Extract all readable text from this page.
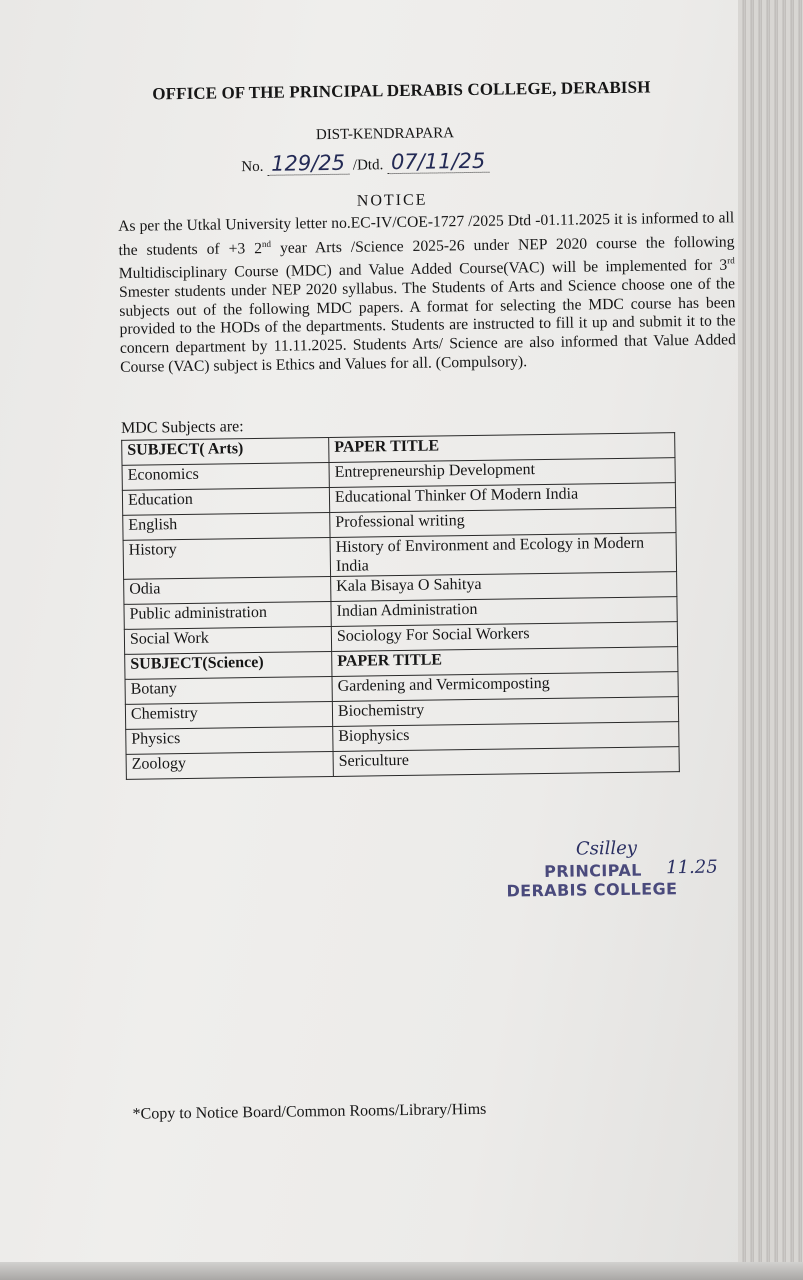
OFFICE OF THE PRINCIPAL DERABIS COLLEGE, DERABISH
DIST-KENDRAPARA
No. 129/25 /Dtd. 07/11/25
NOTICE
As per the Utkal University letter no.EC-IV/COE-1727 /2025 Dtd -01.11.2025 it is informed to all the students of +3 2nd year Arts /Science 2025-26 under NEP 2020 course the following Multidisciplinary Course (MDC) and Value Added Course(VAC) will be implemented for 3rd Smester students under NEP 2020 syllabus. The Students of Arts and Science choose one of the subjects out of the following MDC papers. A format for selecting the MDC course has been provided to the HODs of the departments. Students are instructed to fill it up and submit it to the concern department by 11.11.2025. Students Arts/ Science are also informed that Value Added Course (VAC) subject is Ethics and Values for all. (Compulsory).
MDC Subjects are:
SUBJECT( Arts)	PAPER TITLE
Economics	Entrepreneurship Development
Education	Educational Thinker Of Modern India
English	Professional writing
History	History of Environment and Ecology in Modern India
Odia	Kala Bisaya O Sahitya
Public administration	Indian Administration
Social Work	Sociology For Social Workers
SUBJECT(Science)	PAPER TITLE
Botany	Gardening and Vermicomposting
Chemistry	Biochemistry
Physics	Biophysics
Zoology	Sericulture
Csilley
PRINCIPAL 11.25
DERABIS COLLEGE
*Copy to Notice Board/Common Rooms/Library/Hims
